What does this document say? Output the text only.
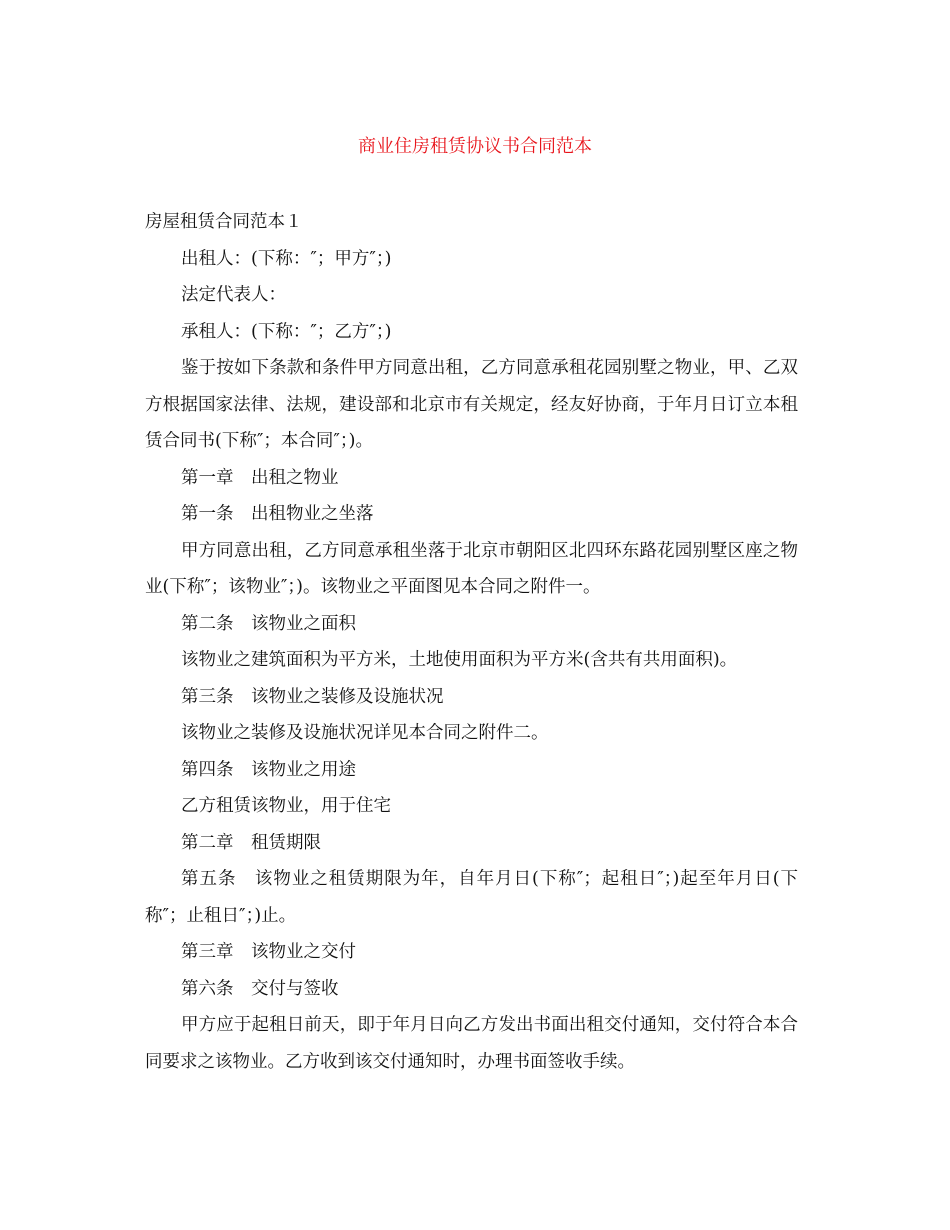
商业住房租赁协议书合同范本

房屋租赁合同范本１

出租人：(下称：″；甲方″；)

法定代表人：

承租人：(下称：″；乙方″；)

鉴于按如下条款和条件甲方同意出租，乙方同意承租花园别墅之物业，甲、乙双方根据国家法律、法规，建设部和北京市有关规定，经友好协商，于年月日订立本租赁合同书(下称″；本合同″；)。

第一章　出租之物业

第一条　出租物业之坐落

甲方同意出租，乙方同意承租坐落于北京市朝阳区北四环东路花园别墅区座之物业(下称″；该物业″；)。该物业之平面图见本合同之附件一。

第二条　该物业之面积

该物业之建筑面积为平方米，土地使用面积为平方米(含共有共用面积)。

第三条　该物业之装修及设施状况

该物业之装修及设施状况详见本合同之附件二。

第四条　该物业之用途

乙方租赁该物业，用于住宅

第二章　租赁期限

第五条　该物业之租赁期限为年，自年月日(下称″；起租日″；)起至年月日(下称″；止租日″；)止。

第三章　该物业之交付

第六条　交付与签收

甲方应于起租日前天，即于年月日向乙方发出书面出租交付通知，交付符合本合同要求之该物业。乙方收到该交付通知时，办理书面签收手续。
